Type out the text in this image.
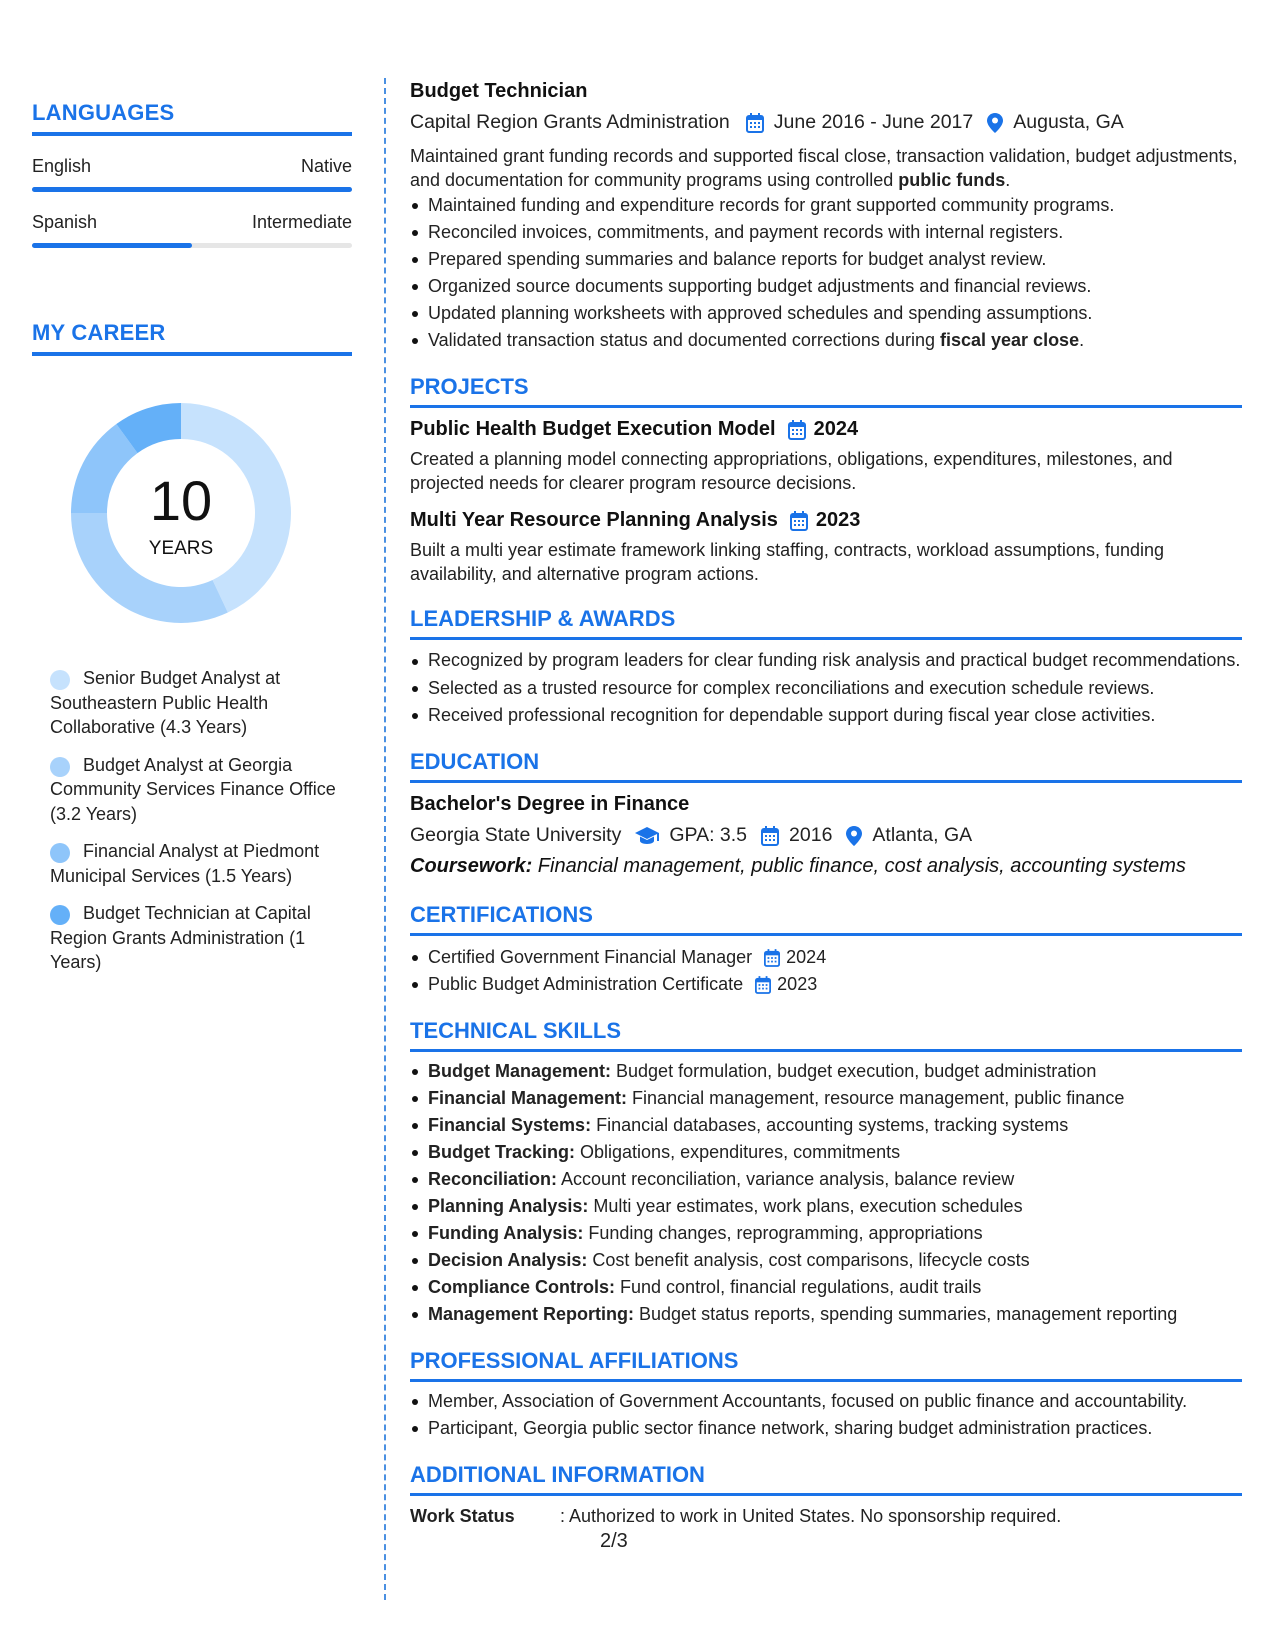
LANGUAGES
English	Native
Spanish	Intermediate
MY CAREER
10
YEARS
Senior Budget Analyst at Southeastern Public Health Collaborative (4.3 Years)
Budget Analyst at Georgia Community Services Finance Office (3.2 Years)
Financial Analyst at Piedmont Municipal Services (1.5 Years)
Budget Technician at Capital Region Grants Administration (1 Years)
Budget Technician
Capital Region Grants Administration June 2016 - June 2017 Augusta, GA

Maintained grant funding records and supported fiscal close, transaction validation, budget adjustments, and documentation for community programs using controlled public funds.

Maintained funding and expenditure records for grant supported community programs.
Reconciled invoices, commitments, and payment records with internal registers.
Prepared spending summaries and balance reports for budget analyst review.
Organized source documents supporting budget adjustments and financial reviews.
Updated planning worksheets with approved schedules and spending assumptions.
Validated transaction status and documented corrections during fiscal year close.
PROJECTS
Public Health Budget Execution Model 2024

Created a planning model connecting appropriations, obligations, expenditures, milestones, and projected needs for clearer program resource decisions.

Multi Year Resource Planning Analysis 2023

Built a multi year estimate framework linking staffing, contracts, workload assumptions, funding availability, and alternative program actions.

LEADERSHIP & AWARDS
Recognized by program leaders for clear funding risk analysis and practical budget recommendations.
Selected as a trusted resource for complex reconciliations and execution schedule reviews.
Received professional recognition for dependable support during fiscal year close activities.
EDUCATION
Bachelor's Degree in Finance
Georgia State University GPA: 3.5 2016 Atlanta, GA
Coursework: Financial management, public finance, cost analysis, accounting systems
CERTIFICATIONS
Certified Government Financial Manager 2024
Public Budget Administration Certificate 2023
TECHNICAL SKILLS
Budget Management: Budget formulation, budget execution, budget administration
Financial Management: Financial management, resource management, public finance
Financial Systems: Financial databases, accounting systems, tracking systems
Budget Tracking: Obligations, expenditures, commitments
Reconciliation: Account reconciliation, variance analysis, balance review
Planning Analysis: Multi year estimates, work plans, execution schedules
Funding Analysis: Funding changes, reprogramming, appropriations
Decision Analysis: Cost benefit analysis, cost comparisons, lifecycle costs
Compliance Controls: Fund control, financial regulations, audit trails
Management Reporting: Budget status reports, spending summaries, management reporting
PROFESSIONAL AFFILIATIONS
Member, Association of Government Accountants, focused on public finance and accountability.
Participant, Georgia public sector finance network, sharing budget administration practices.
ADDITIONAL INFORMATION
Work Status	: Authorized to work in United States. No sponsorship required.
2/3
